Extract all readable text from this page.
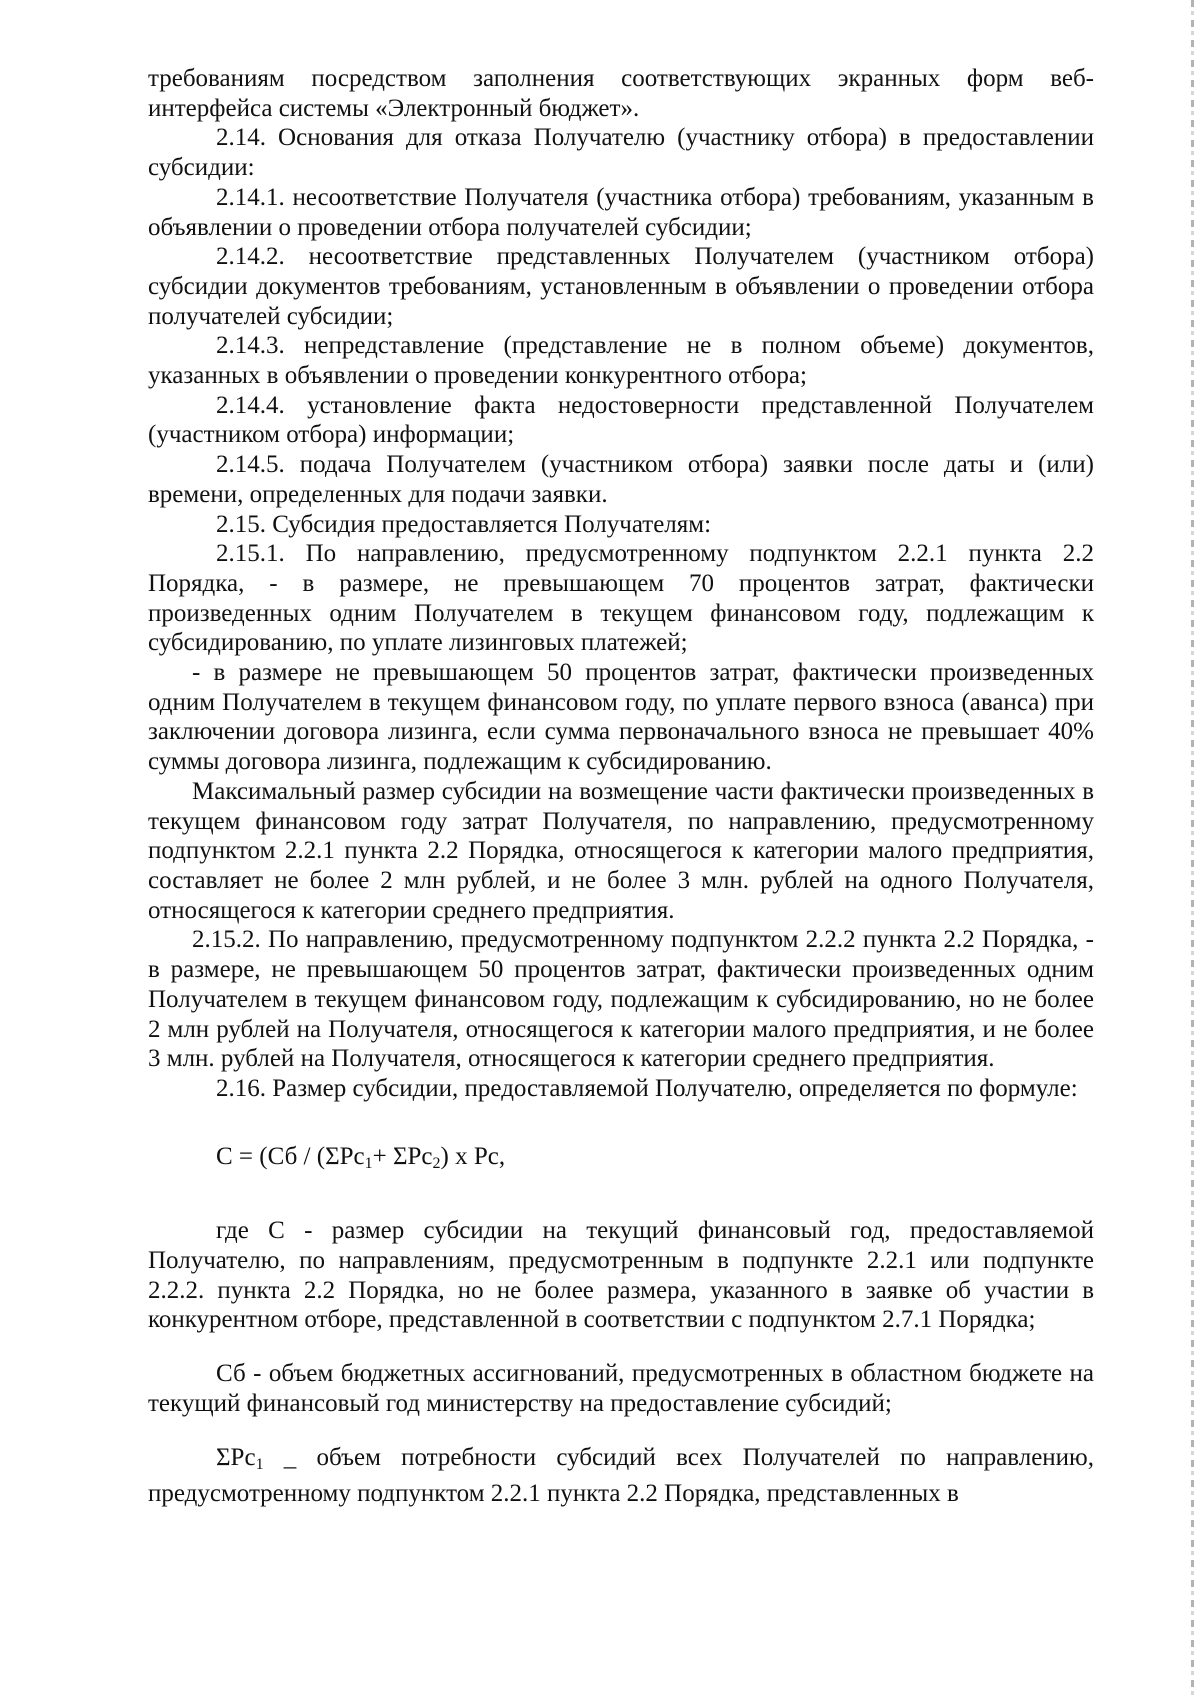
требованиям посредством заполнения соответствующих экранных форм веб-интерфейса системы «Электронный бюджет».

2.14. Основания для отказа Получателю (участнику отбора) в предоставлении субсидии:

2.14.1. несоответствие Получателя (участника отбора) требованиям, указанным в объявлении о проведении отбора получателей субсидии;

2.14.2. несоответствие представленных Получателем (участником отбора) субсидии документов требованиям, установленным в объявлении о проведении отбора получателей субсидии;

2.14.3. непредставление (представление не в полном объеме) документов, указанных в объявлении о проведении конкурентного отбора;

2.14.4. установление факта недостоверности представленной Получателем (участником отбора) информации;

2.14.5. подача Получателем (участником отбора) заявки после даты и (или) времени, определенных для подачи заявки.

2.15. Субсидия предоставляется Получателям:

2.15.1. По направлению, предусмотренному подпунктом 2.2.1 пункта 2.2 Порядка, - в размере, не превышающем 70 процентов затрат, фактически произведенных одним Получателем в текущем финансовом году, подлежащим к субсидированию, по уплате лизинговых платежей;

- в размере не превышающем 50 процентов затрат, фактически произведенных одним Получателем в текущем финансовом году, по уплате первого взноса (аванса) при заключении договора лизинга, если сумма первоначального взноса не превышает 40% суммы договора лизинга, подлежащим к субсидированию.

Максимальный размер субсидии на возмещение части фактически произведенных в текущем финансовом году затрат Получателя, по направлению, предусмотренному подпунктом 2.2.1 пункта 2.2 Порядка, относящегося к категории малого предприятия, составляет не более 2 млн рублей, и не более 3 млн. рублей на одного Получателя, относящегося к категории среднего предприятия.

2.15.2. По направлению, предусмотренному подпунктом 2.2.2 пункта 2.2 Порядка, - в размере, не превышающем 50 процентов затрат, фактически произведенных одним Получателем в текущем финансовом году, подлежащим к субсидированию, но не более 2 млн рублей на Получателя, относящегося к категории малого предприятия, и не более 3 млн. рублей на Получателя, относящегося к категории среднего предприятия.

2.16. Размер субсидии, предоставляемой Получателю, определяется по формуле:

С = (Сб / (ΣРс$_1$+ ΣРс$_2$) х Рс,

где С - размер субсидии на текущий финансовый год, предоставляемой Получателю, по направлениям, предусмотренным в подпункте 2.2.1 или подпункте 2.2.2. пункта 2.2 Порядка, но не более размера, указанного в заявке об участии в конкурентном отборе, представленной в соответствии с подпунктом 2.7.1 Порядка;

Сб - объем бюджетных ассигнований, предусмотренных в областном бюджете на текущий финансовый год министерству на предоставление субсидий;

ΣРс$_1$ _ объем потребности субсидий всех Получателей по направлению, предусмотренному подпунктом 2.2.1 пункта 2.2 Порядка, представленных в
